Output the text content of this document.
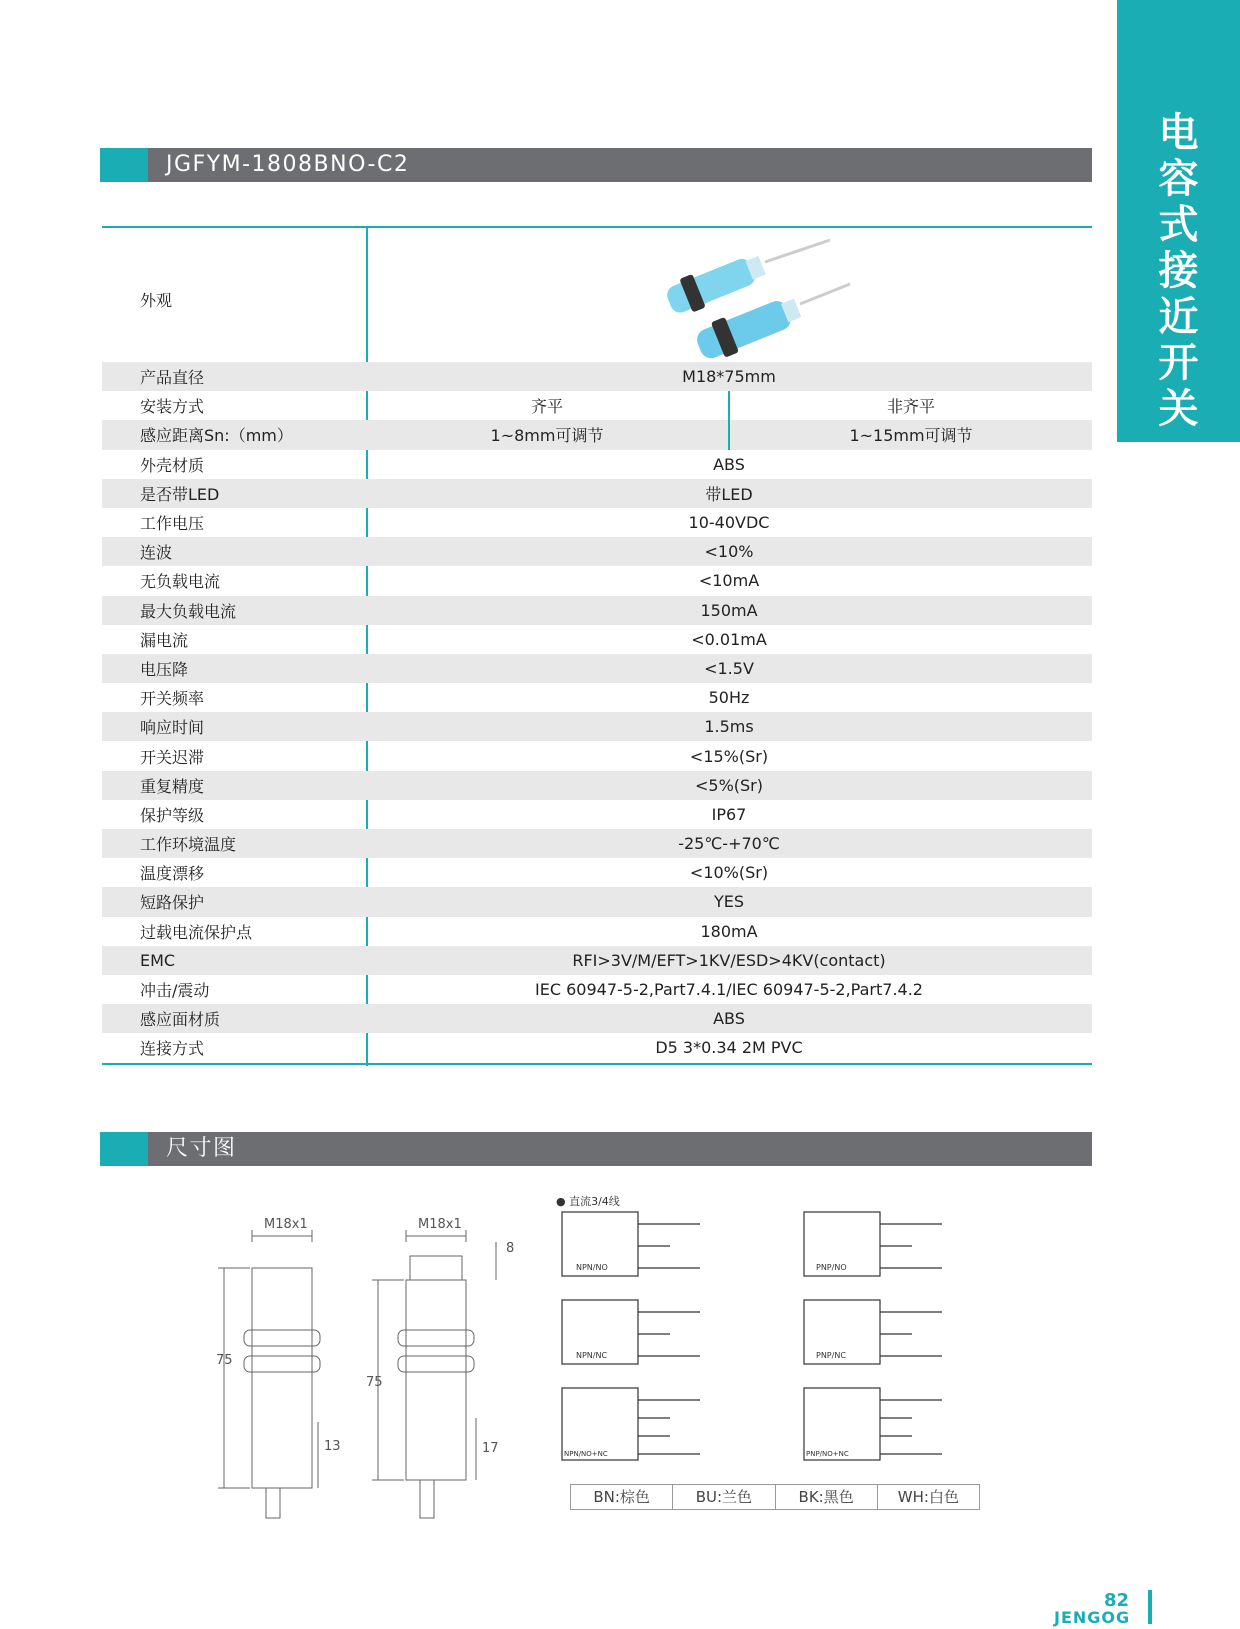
电
容
式
接
近
开
关
JGFYM-1808BNO-C2
外观
产品直径	M18*75mm
安装方式	齐平	非齐平
感应距离Sn:（mm）	1~8mm可调节	1~15mm可调节
外壳材质	ABS
是否带LED	带LED
工作电压	10-40VDC
连波	<10%
无负载电流	<10mA
最大负载电流	150mA
漏电流	<0.01mA
电压降	<1.5V
开关频率	50Hz
响应时间	1.5ms
开关迟滞	<15%(Sr)
重复精度	<5%(Sr)
保护等级	IP67
工作环境温度	-25℃-+70℃
温度漂移	<10%(Sr)
短路保护	YES
过载电流保护点	180mA
EMC	RFI>3V/M/EFT>1KV/ESD>4KV(contact)
冲击/震动	IEC 60947-5-2,Part7.4.1/IEC 60947-5-2,Part7.4.2
感应面材质	ABS
连接方式	D5 3*0.34 2M PVC
尺寸图
M18x1
75
13
M18x1
75
8
17
● 直流3/4线
NPN/NO	PNP/NO
NPN/NC	PNP/NC
NPN/NO+NC	PNP/NO+NC
BN:棕色	BU:兰色	BK:黑色	WH:白色
82
JENGOG
